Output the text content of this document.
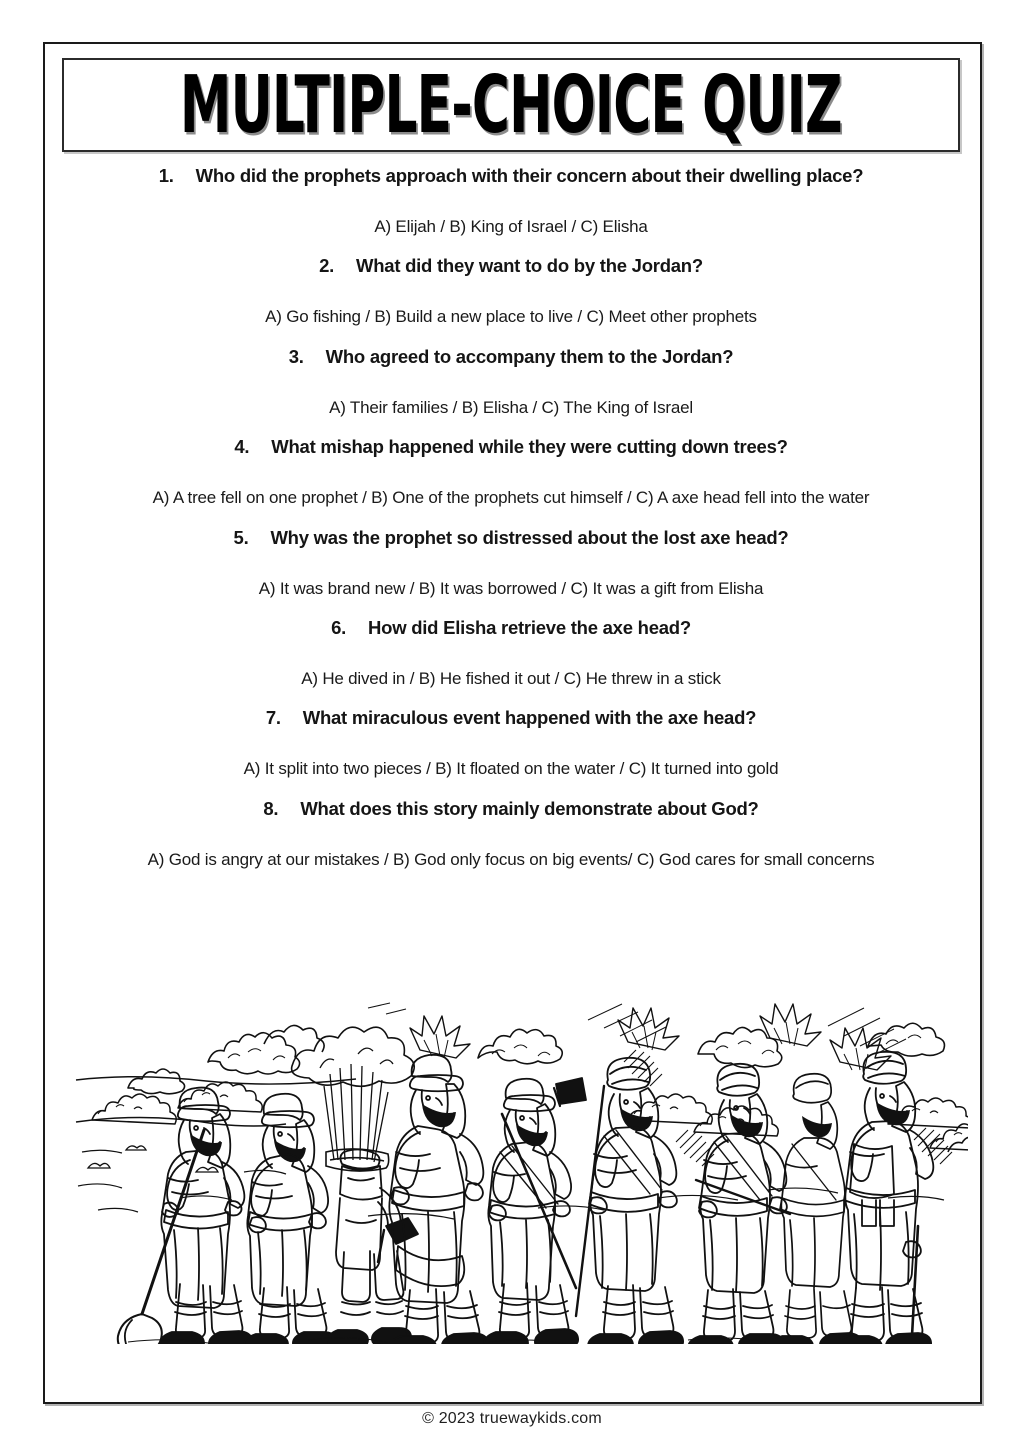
MULTIPLE-CHOICE QUIZ
1. Who did the prophets approach with their concern about their dwelling place?
A) Elijah / B) King of Israel / C) Elisha
2. What did they want to do by the Jordan?
A) Go fishing / B) Build a new place to live / C) Meet other prophets
3. Who agreed to accompany them to the Jordan?
A) Their families / B) Elisha / C) The King of Israel
4. What mishap happened while they were cutting down trees?
A) A tree fell on one prophet / B) One of the prophets cut himself / C) A axe head fell into the water
5. Why was the prophet so distressed about the lost axe head?
A) It was brand new / B) It was borrowed / C) It was a gift from Elisha
6. How did Elisha retrieve the axe head?
A) He dived in / B) He fished it out / C) He threw in a stick
7. What miraculous event happened with the axe head?
A) It split into two pieces / B) It floated on the water / C) It turned into gold
8. What does this story mainly demonstrate about God?
A) God is angry at our mistakes / B) God only focus on big events/ C) God cares for small concerns
© 2023 truewaykids.com
